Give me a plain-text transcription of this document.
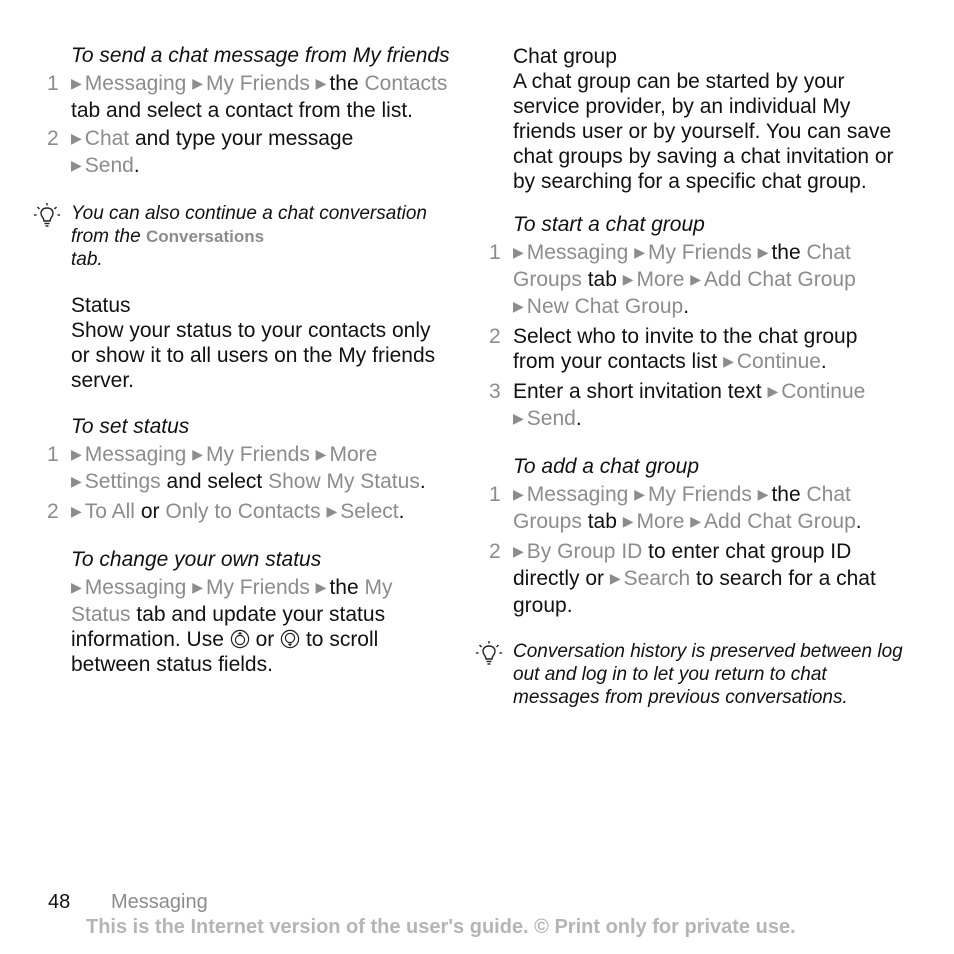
To send a chat message from My friends

1 ▶ Messaging ▶ My Friends ▶ the Contacts tab and select a contact from the list.
2 ▶ Chat and type your message
▶ Send.
You can also continue a chat conversation from the Conversations
tab.

Status

Show your status to your contacts only or show it to all users on the My friends server.

To set status

1 ▶ Messaging ▶ My Friends ▶ More
▶ Settings and select Show My Status.
2 ▶ To All or Only to Contacts ▶ Select.

To change your own status

▶ Messaging ▶ My Friends ▶ the My Status tab and update your status information. Use or to scroll between status fields.

Chat group

A chat group can be started by your service provider, by an individual My friends user or by yourself. You can save chat groups by saving a chat invitation or by searching for a specific chat group.

To start a chat group

1 ▶ Messaging ▶ My Friends ▶ the Chat Groups tab ▶ More ▶ Add Chat Group
▶ New Chat Group.
2 Select who to invite to the chat group from your contacts list ▶ Continue.
3 Enter a short invitation text ▶ Continue
▶ Send.

To add a chat group

1 ▶ Messaging ▶ My Friends ▶ the Chat Groups tab ▶ More ▶ Add Chat Group.
2 ▶ By Group ID to enter chat group ID directly or ▶ Search to search for a chat group.
Conversation history is preserved between log out and log in to let you return to chat messages from previous conversations.
48 Messaging
This is the Internet version of the user's guide. © Print only for private use.
